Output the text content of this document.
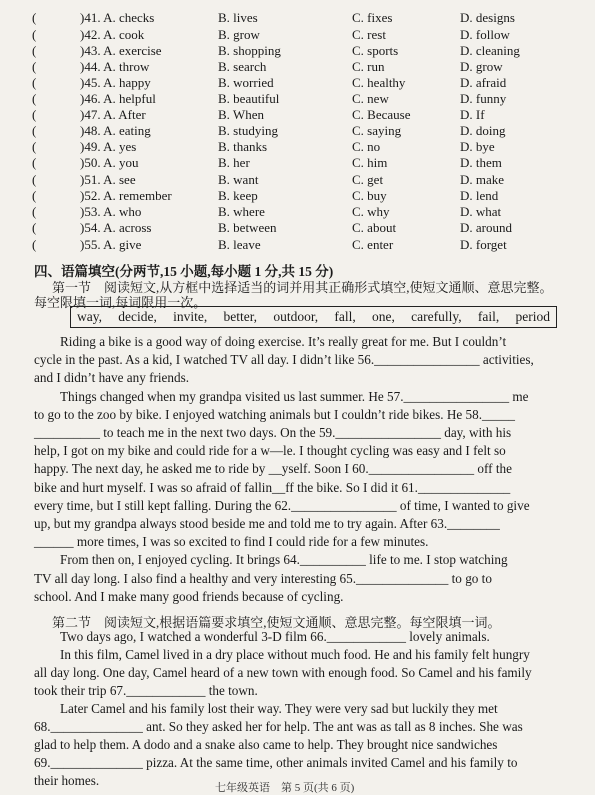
(	)41. A. checks	B. lives	C. fixes	D. designs
(	)42. A. cook	B. grow	C. rest	D. follow
(	)43. A. exercise	B. shopping	C. sports	D. cleaning
(	)44. A. throw	B. search	C. run	D. grow
(	)45. A. happy	B. worried	C. healthy	D. afraid
(	)46. A. helpful	B. beautiful	C. new	D. funny
(	)47. A. After	B. When	C. Because	D. If
(	)48. A. eating	B. studying	C. saying	D. doing
(	)49. A. yes	B. thanks	C. no	D. bye
(	)50. A. you	B. her	C. him	D. them
(	)51. A. see	B. want	C. get	D. make
(	)52. A. remember	B. keep	C. buy	D. lend
(	)53. A. who	B. where	C. why	D. what
(	)54. A. across	B. between	C. about	D. around
(	)55. A. give	B. leave	C. enter	D. forget
四、语篇填空(分两节,15 小题,每小题 1 分,共 15 分)
第一节　阅读短文,从方框中选择适当的词并用其正确形式填空,使短文通顺、意思完整。
每空限填一词,每词限用一次。
way, decide, invite, better, outdoor, fall, one, carefully, fail, period
Riding a bike is a good way of doing exercise. It’s really great for me. But I couldn’t
cycle in the past. As a kid, I watched TV all day. I didn’t like 56.________________ activities,
and I didn’t have any friends.
Things changed when my grandpa visited us last summer. He 57.________________ me
to go to the zoo by bike. I enjoyed watching animals but I couldn’t ride bikes. He 58._____
__________ to teach me in the next two days. On the 59.________________ day, with his
help, I got on my bike and could ride for a w—le. I thought cycling was easy and I felt so
happy. The next day, he asked me to ride by __yself. Soon I 60.________________ off the
bike and hurt myself. I was so afraid of fallin__ff the bike. So I did it 61.______________
every time, but I still kept falling. During the 62.________________ of time, I wanted to give
up, but my grandpa always stood beside me and told me to try again. After 63.________
______ more times, I was so excited to find I could ride for a few minutes.
From then on, I enjoyed cycling. It brings 64.__________ life to me. I stop watching
TV all day long. I also find a healthy and very interesting 65.______________ to go to
school. And I make many good friends because of cycling.
第二节　阅读短文,根据语篇要求填空,使短文通顺、意思完整。每空限填一词。
Two days ago, I watched a wonderful 3-D film 66.____________ lovely animals.
In this film, Camel lived in a dry place without much food. He and his family felt hungry
all day long. One day, Camel heard of a new town with enough food. So Camel and his family
took their trip 67.____________ the town.
Later Camel and his family lost their way. They were very sad but luckily they met
68.______________ ant. So they asked her for help. The ant was as tall as 8 inches. She was
glad to help them. A dodo and a snake also came to help. They brought nice sandwiches
69.______________ pizza. At the same time, other animals invited Camel and his family to
their homes.	七年级英语　第 5 页(共 6 页)
